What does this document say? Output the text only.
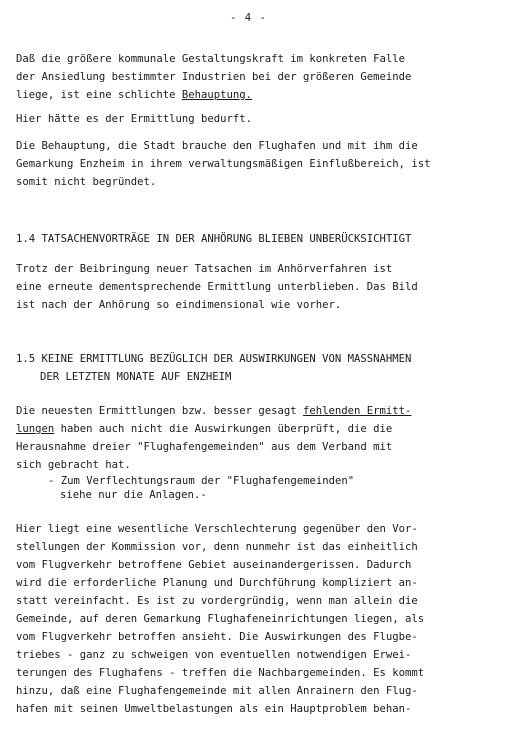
- 4 -
Daß die größere kommunale Gestaltungskraft im konkreten Falle
der Ansiedlung bestimmter Industrien bei der größeren Gemeinde
liege, ist eine schlichte Behauptung.
Hier hätte es der Ermittlung bedurft.
Die Behauptung, die Stadt brauche den Flughafen und mit ihm die
Gemarkung Enzheim in ihrem verwaltungsmäßigen Einflußbereich, ist
somit nicht begründet.
1.4 TATSACHENVORTRÄGE IN DER ANHÖRUNG BLIEBEN UNBERÜCKSICHTIGT
Trotz der Beibringung neuer Tatsachen im Anhörverfahren ist
eine erneute dementsprechende Ermittlung unterblieben. Das Bild
ist nach der Anhörung so eindimensional wie vorher.
1.5 KEINE ERMITTLUNG BEZÜGLICH DER AUSWIRKUNGEN VON MASSNAHMEN
DER LETZTEN MONATE AUF ENZHEIM
Die neuesten Ermittlungen bzw. besser gesagt fehlenden Ermitt-
lungen haben auch nicht die Auswirkungen überprüft, die die
Herausnahme dreier "Flughafengemeinden" aus dem Verband mit
sich gebracht hat.
- Zum Verflechtungsraum der "Flughafengemeinden"
siehe nur die Anlagen.-
Hier liegt eine wesentliche Verschlechterung gegenüber den Vor-
stellungen der Kommission vor, denn nunmehr ist das einheitlich
vom Flugverkehr betroffene Gebiet auseinandergerissen. Dadurch
wird die erforderliche Planung und Durchführung kompliziert an-
statt vereinfacht. Es ist zu vordergründig, wenn man allein die
Gemeinde, auf deren Gemarkung Flughafeneinrichtungen liegen, als
vom Flugverkehr betroffen ansieht. Die Auswirkungen des Flugbe-
triebes - ganz zu schweigen von eventuellen notwendigen Erwei-
terungen des Flughafens - treffen die Nachbargemeinden. Es kommt
hinzu, daß eine Flughafengemeinde mit allen Anrainern den Flug-
hafen mit seinen Umweltbelastungen als ein Hauptproblem behan-
